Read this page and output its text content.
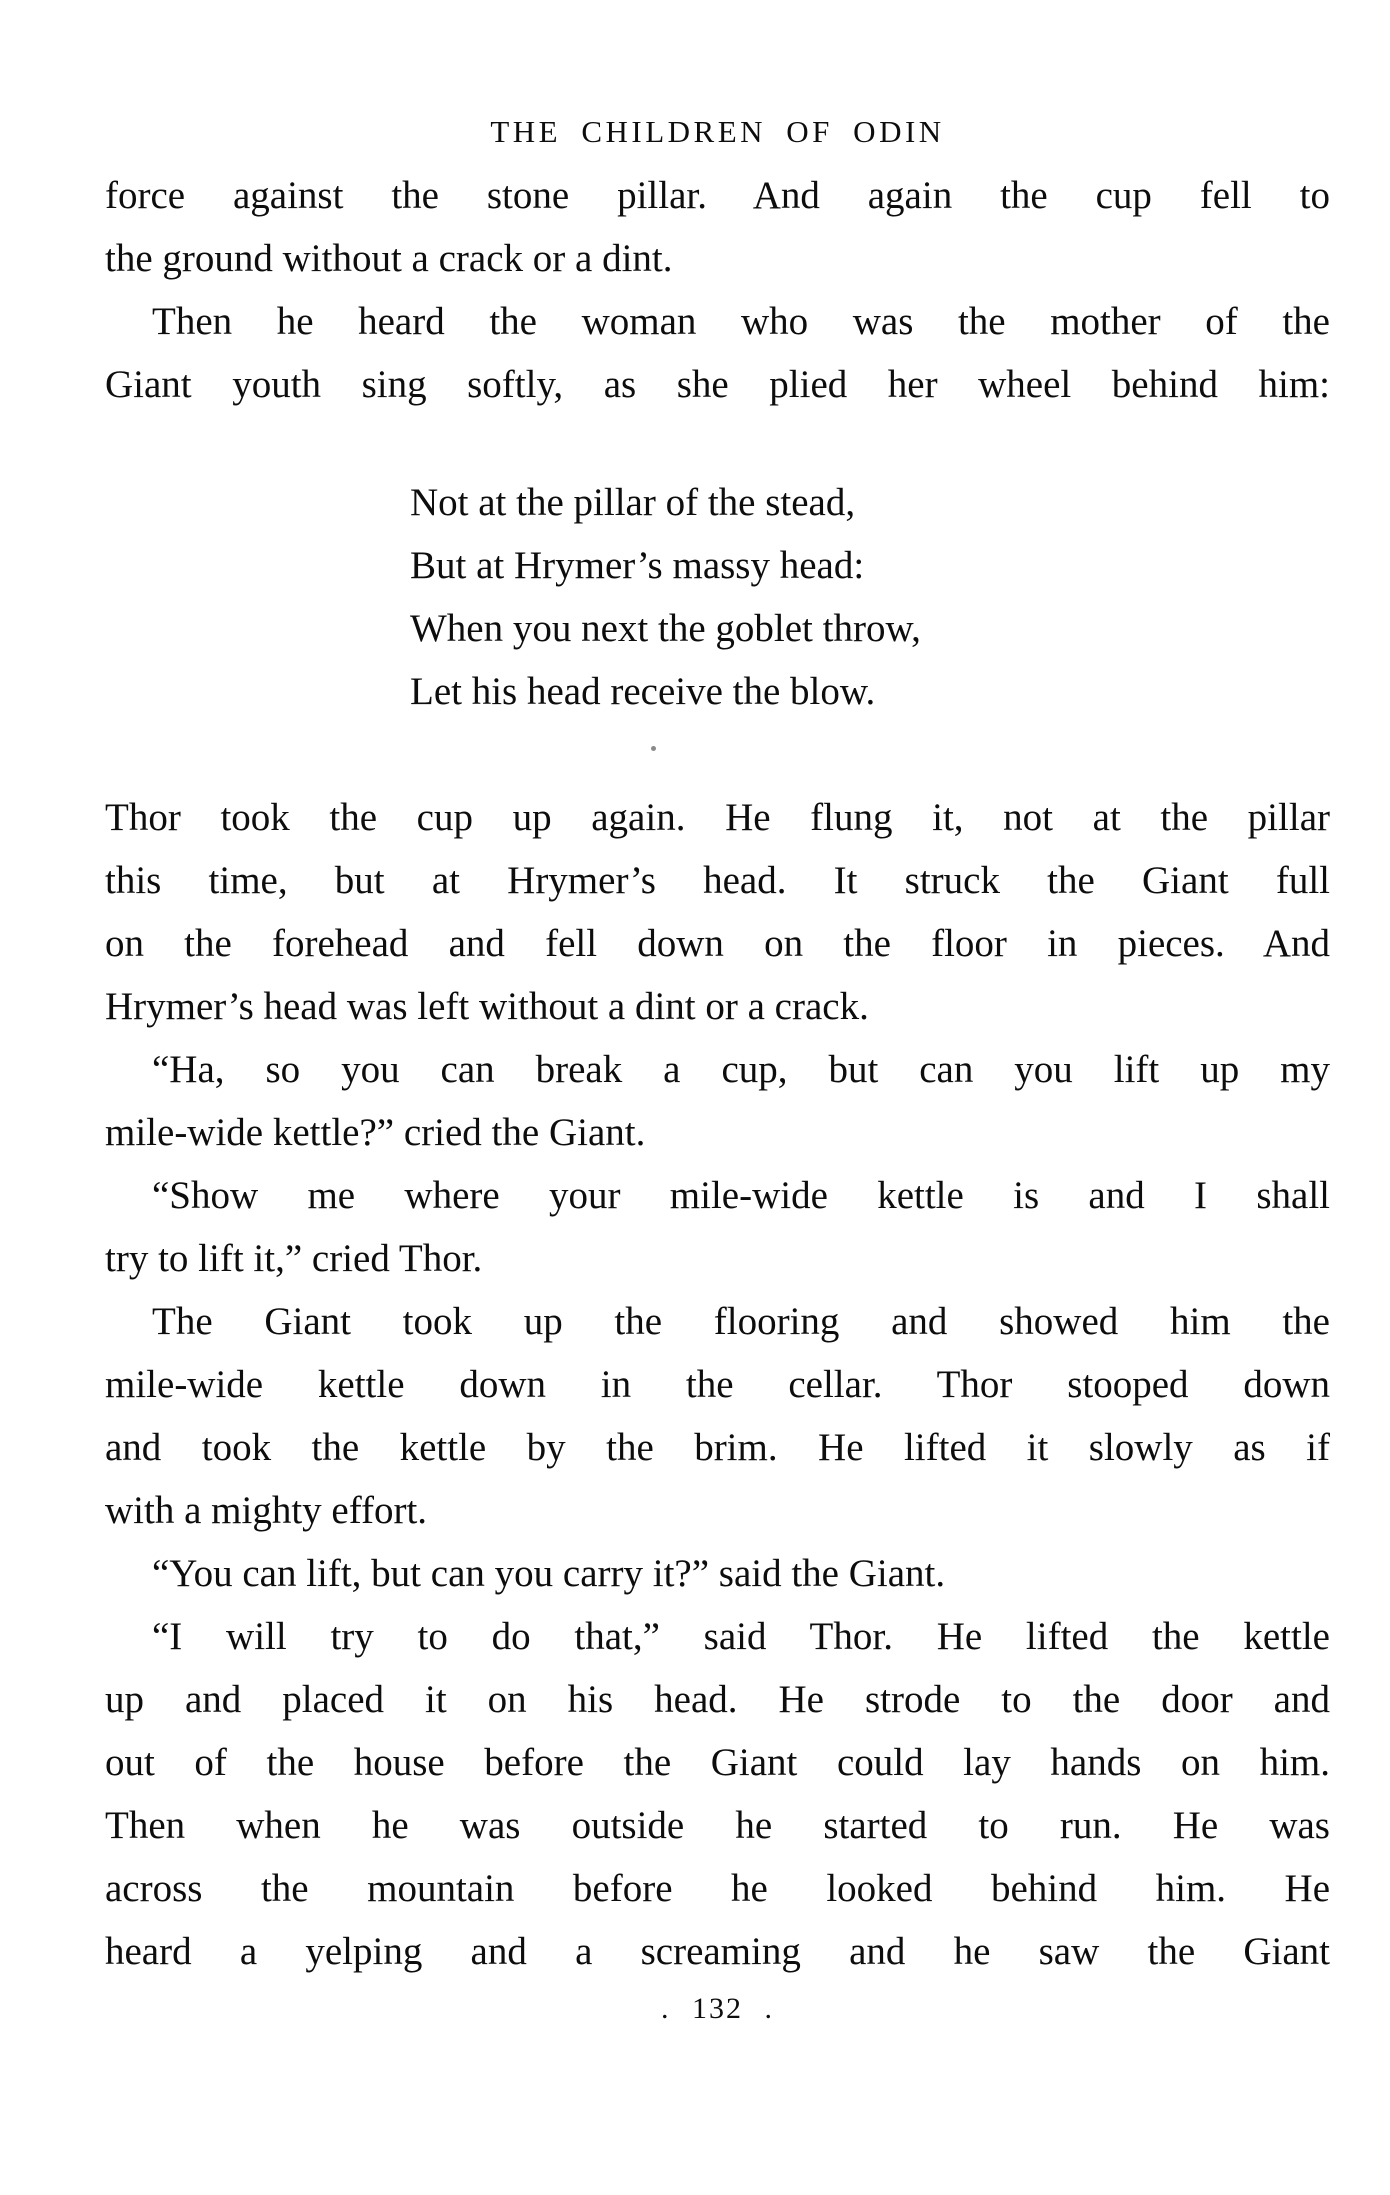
THE CHILDREN OF ODIN
force against the stone pillar. And again the cup fell to
the ground without a crack or a dint.
Then he heard the woman who was the mother of the
Giant youth sing softly, as she plied her wheel behind him:
Not at the pillar of the stead,
But at Hrymer’s massy head:
When you next the goblet throw,
Let his head receive the blow.
Thor took the cup up again. He flung it, not at the pillar
this time, but at Hrymer’s head. It struck the Giant full
on the forehead and fell down on the floor in pieces. And
Hrymer’s head was left without a dint or a crack.
“Ha, so you can break a cup, but can you lift up my
mile-wide kettle?” cried the Giant.
“Show me where your mile-wide kettle is and I shall
try to lift it,” cried Thor.
The Giant took up the flooring and showed him the
mile-wide kettle down in the cellar. Thor stooped down
and took the kettle by the brim. He lifted it slowly as if
with a mighty effort.
“You can lift, but can you carry it?” said the Giant.
“I will try to do that,” said Thor. He lifted the kettle
up and placed it on his head. He strode to the door and
out of the house before the Giant could lay hands on him.
Then when he was outside he started to run. He was
across the mountain before he looked behind him. He
heard a yelping and a screaming and he saw the Giant
. 132 .
